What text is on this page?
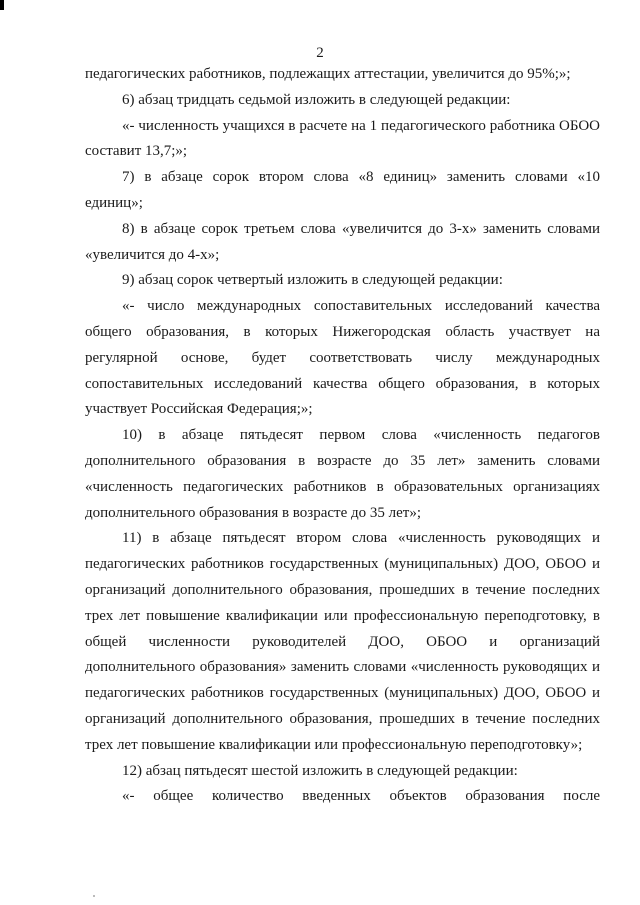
2

педагогических работников, подлежащих аттестации, увеличится до 95%;»;

6) абзац тридцать седьмой изложить в следующей редакции:

«- численность учащихся в расчете на 1 педагогического работника ОБОО составит 13,7;»;

7) в абзаце сорок втором слова «8 единиц» заменить словами «10 единиц»;

8) в абзаце сорок третьем слова «увеличится до 3-х» заменить словами «увеличится до 4-х»;

9) абзац сорок четвертый изложить в следующей редакции:

«- число международных сопоставительных исследований качества общего образования, в которых Нижегородская область участвует на регулярной основе, будет соответствовать числу международных сопоставительных исследований качества общего образования, в которых участвует Российская Федерация;»;

10) в абзаце пятьдесят первом слова «численность педагогов дополнительного образования в возрасте до 35 лет» заменить словами «численность педагогических работников в образовательных организациях дополнительного образования в возрасте до 35 лет»;

11) в абзаце пятьдесят втором слова «численность руководящих и педагогических работников государственных (муниципальных) ДОО, ОБОО и организаций дополнительного образования, прошедших в течение последних трех лет повышение квалификации или профессиональную переподготовку, в общей численности руководителей ДОО, ОБОО и организаций дополнительного образования» заменить словами «численность руководящих и педагогических работников государственных (муниципальных) ДОО, ОБОО и организаций дополнительного образования, прошедших в течение последних трех лет повышение квалификации или профессиональную переподготовку»;

12) абзац пятьдесят шестой изложить в следующей редакции:

«- общее количество введенных объектов образования после
